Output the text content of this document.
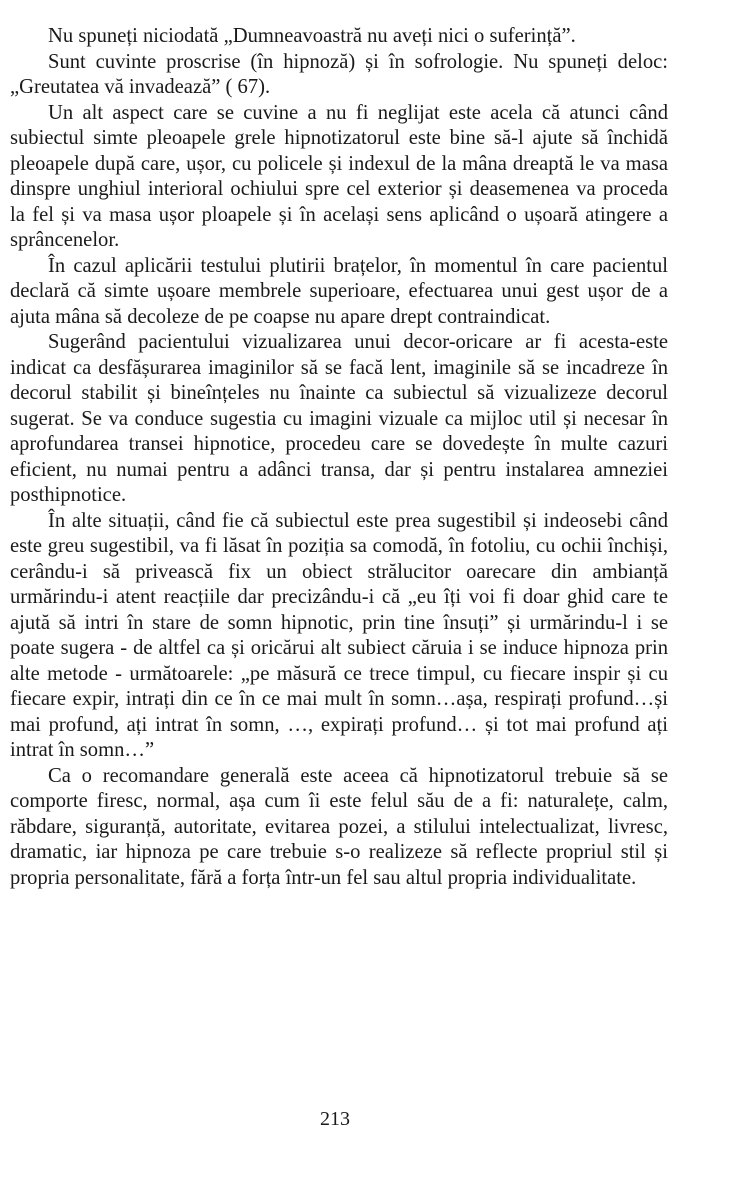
Nu spuneți niciodată „Dumneavoastră nu aveți nici o suferință”.

Sunt cuvinte proscrise (în hipnoză) și în sofrologie. Nu spuneți deloc: „Greutatea vă invadează” ( 67).

Un alt aspect care se cuvine a nu fi neglijat este acela că atunci când subiectul simte pleoapele grele hipnotizatorul este bine să-l ajute să închidă pleoapele după care, ușor, cu policele și indexul de la mâna dreaptă le va masa dinspre unghiul interioral ochiului spre cel exterior și deasemenea va proceda la fel și va masa ușor ploapele și în același sens aplicând o ușoară atingere a sprâncenelor.

În cazul aplicării testului plutirii brațelor, în momentul în care pacientul declară că simte ușoare membrele superioare, efectuarea unui gest ușor de a ajuta mâna să decoleze de pe coapse nu apare drept contraindicat.

Sugerând pacientului vizualizarea unui decor-oricare ar fi acesta-este indicat ca desfășurarea imaginilor să se facă lent, imaginile să se incadreze în decorul stabilit și bineînțeles nu înainte ca subiectul să vizualizeze decorul sugerat. Se va conduce sugestia cu imagini vizuale ca mijloc util și necesar în aprofundarea transei hipnotice, procedeu care se dovedește în multe cazuri eficient, nu numai pentru a adânci transa, dar și pentru instalarea amneziei posthipnotice.

În alte situații, când fie că subiectul este prea sugestibil și indeosebi când este greu sugestibil, va fi lăsat în poziția sa comodă, în fotoliu, cu ochii închiși, cerându-i să privească fix un obiect strălucitor oarecare din ambianță urmărindu-i atent reacțiile dar precizându-i că „eu îți voi fi doar ghid care te ajută să intri în stare de somn hipnotic, prin tine însuți” și urmărindu-l i se poate sugera - de altfel ca și oricărui alt subiect căruia i se induce hipnoza prin alte metode - următoarele: „pe măsură ce trece timpul, cu fiecare inspir și cu fiecare expir, intrați din ce în ce mai mult în somn…așa, respirați profund…și mai profund, ați intrat în somn, …, expirați profund… și tot mai profund ați intrat în somn…”

Ca o recomandare generală este aceea că hipnotizatorul trebuie să se comporte firesc, normal, așa cum îi este felul său de a fi: naturalețe, calm, răbdare, siguranță, autoritate, evitarea pozei, a stilului intelectualizat, livresc, dramatic, iar hipnoza pe care trebuie s-o realizeze să reflecte propriul stil și propria personalitate, fără a forța într-un fel sau altul propria individualitate.

213
